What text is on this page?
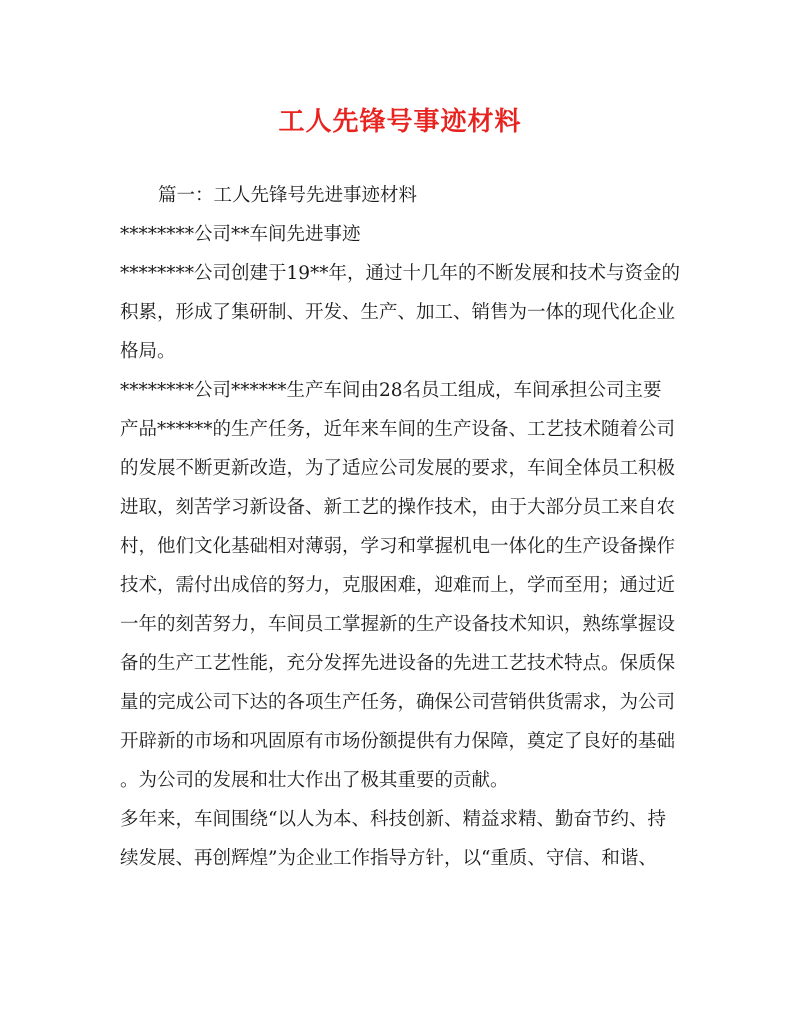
工人先锋号事迹材料
篇一：工人先锋号先进事迹材料
********公司**车间先进事迹
********公司创建于19**年，通过十几年的不断发展和技术与资金的
积累，形成了集研制、开发、生产、加工、销售为一体的现代化企业
格局。
********公司******生产车间由28名员工组成，车间承担公司主要
产品******的生产任务，近年来车间的生产设备、工艺技术随着公司
的发展不断更新改造，为了适应公司发展的要求，车间全体员工积极
进取，刻苦学习新设备、新工艺的操作技术，由于大部分员工来自农
村，他们文化基础相对薄弱，学习和掌握机电一体化的生产设备操作
技术，需付出成倍的努力，克服困难，迎难而上，学而至用；通过近
一年的刻苦努力，车间员工掌握新的生产设备技术知识，熟练掌握设
备的生产工艺性能，充分发挥先进设备的先进工艺技术特点。保质保
量的完成公司下达的各项生产任务，确保公司营销供货需求，为公司
开辟新的市场和巩固原有市场份额提供有力保障，奠定了良好的基础
。为公司的发展和壮大作出了极其重要的贡献。
多年来，车间围绕“以人为本、科技创新、精益求精、勤奋节约、持
续发展、再创辉煌”为企业工作指导方针，以“重质、守信、和谐、
